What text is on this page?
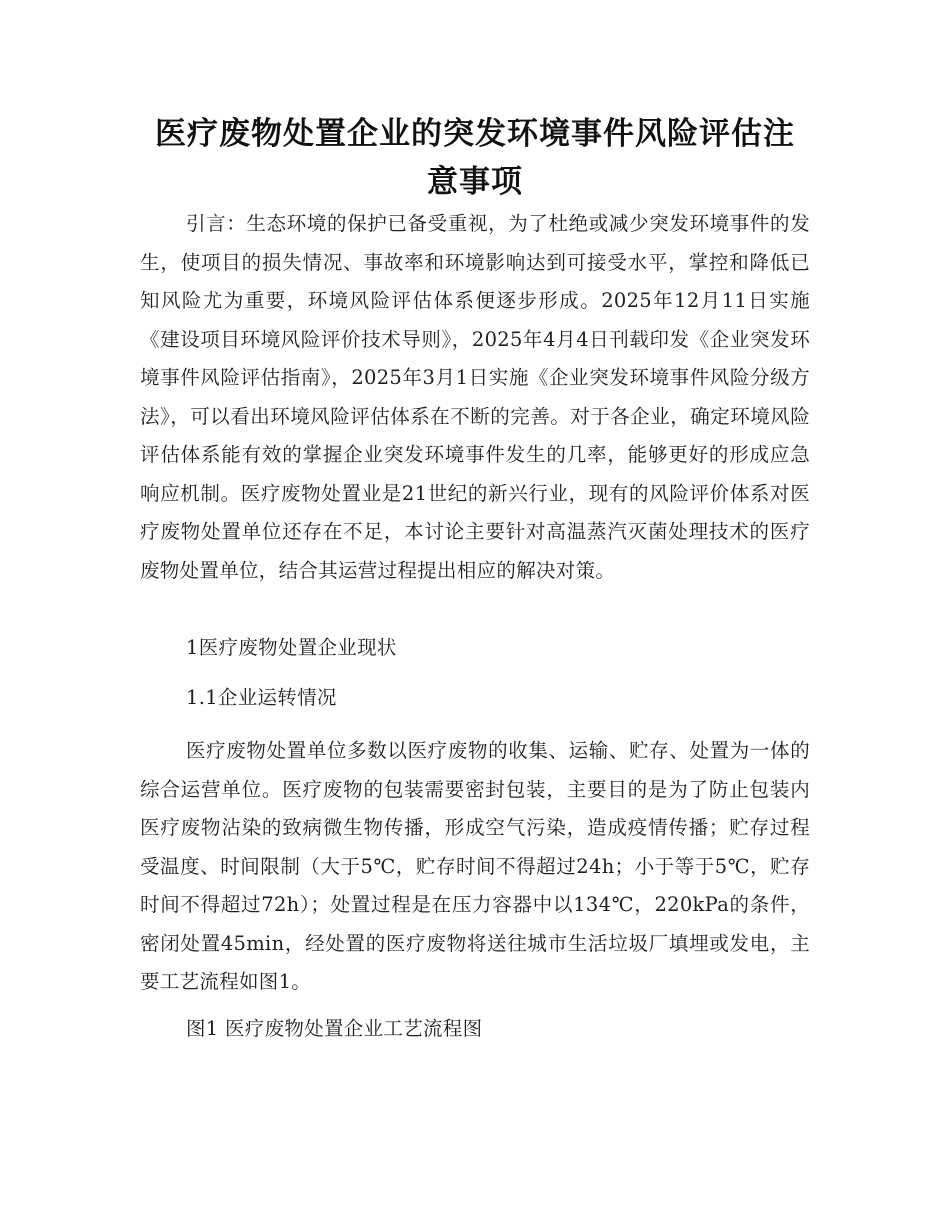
医疗废物处置企业的突发环境事件风险评估注意事项

引言：生态环境的保护已备受重视，为了杜绝或减少突发环境事件的发生，使项目的损失情况、事故率和环境影响达到可接受水平，掌控和降低已知风险尤为重要，环境风险评估体系便逐步形成。2025年12月11日实施《建设项目环境风险评价技术导则》，2025年4月4日刊载印发《企业突发环境事件风险评估指南》，2025年3月1日实施《企业突发环境事件风险分级方法》，可以看出环境风险评估体系在不断的完善。对于各企业，确定环境风险评估体系能有效的掌握企业突发环境事件发生的几率，能够更好的形成应急响应机制。医疗废物处置业是21世纪的新兴行业，现有的风险评价体系对医疗废物处置单位还存在不足，本讨论主要针对高温蒸汽灭菌处理技术的医疗废物处置单位，结合其运营过程提出相应的解决对策。

1医疗废物处置企业现状

1.1企业运转情况

医疗废物处置单位多数以医疗废物的收集、运输、贮存、处置为一体的综合运营单位。医疗废物的包装需要密封包装，主要目的是为了防止包装内医疗废物沾染的致病微生物传播，形成空气污染，造成疫情传播；贮存过程受温度、时间限制（大于5℃，贮存时间不得超过24h；小于等于5℃，贮存时间不得超过72h）；处置过程是在压力容器中以134℃，220kPa的条件，密闭处置45min，经处置的医疗废物将送往城市生活垃圾厂填埋或发电，主要工艺流程如图1。

图1 医疗废物处置企业工艺流程图
